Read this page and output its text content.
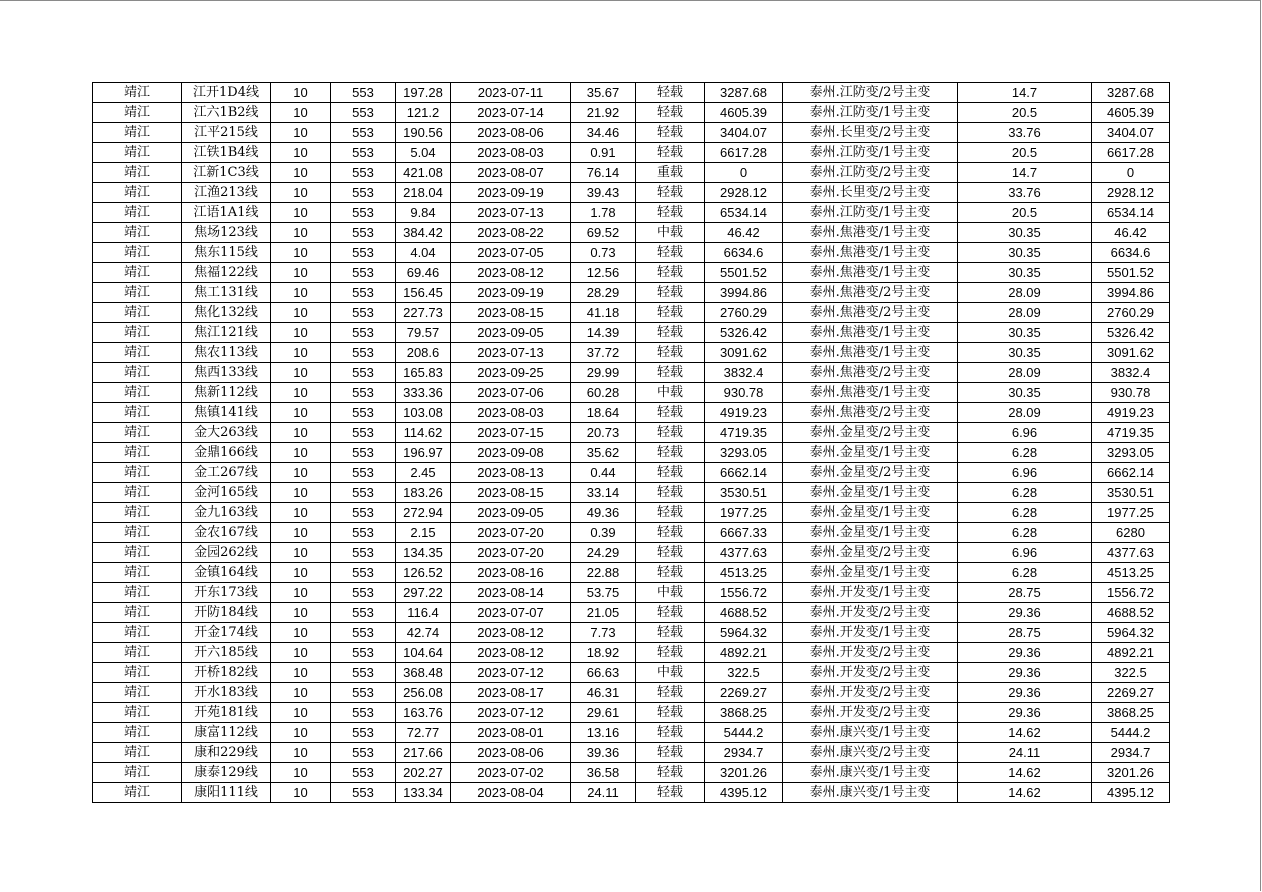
靖江	江开1D4线	10	553	197.28	2023-07-11	35.67	轻载	3287.68	泰州.江防变/2号主变	14.7	3287.68
靖江	江六1B2线	10	553	121.2	2023-07-14	21.92	轻载	4605.39	泰州.江防变/1号主变	20.5	4605.39
靖江	江平215线	10	553	190.56	2023-08-06	34.46	轻载	3404.07	泰州.长里变/2号主变	33.76	3404.07
靖江	江铁1B4线	10	553	5.04	2023-08-03	0.91	轻载	6617.28	泰州.江防变/1号主变	20.5	6617.28
靖江	江新1C3线	10	553	421.08	2023-08-07	76.14	重载	0	泰州.江防变/2号主变	14.7	0
靖江	江渔213线	10	553	218.04	2023-09-19	39.43	轻载	2928.12	泰州.长里变/2号主变	33.76	2928.12
靖江	江语1A1线	10	553	9.84	2023-07-13	1.78	轻载	6534.14	泰州.江防变/1号主变	20.5	6534.14
靖江	焦场123线	10	553	384.42	2023-08-22	69.52	中载	46.42	泰州.焦港变/1号主变	30.35	46.42
靖江	焦东115线	10	553	4.04	2023-07-05	0.73	轻载	6634.6	泰州.焦港变/1号主变	30.35	6634.6
靖江	焦福122线	10	553	69.46	2023-08-12	12.56	轻载	5501.52	泰州.焦港变/1号主变	30.35	5501.52
靖江	焦工131线	10	553	156.45	2023-09-19	28.29	轻载	3994.86	泰州.焦港变/2号主变	28.09	3994.86
靖江	焦化132线	10	553	227.73	2023-08-15	41.18	轻载	2760.29	泰州.焦港变/2号主变	28.09	2760.29
靖江	焦江121线	10	553	79.57	2023-09-05	14.39	轻载	5326.42	泰州.焦港变/1号主变	30.35	5326.42
靖江	焦农113线	10	553	208.6	2023-07-13	37.72	轻载	3091.62	泰州.焦港变/1号主变	30.35	3091.62
靖江	焦西133线	10	553	165.83	2023-09-25	29.99	轻载	3832.4	泰州.焦港变/2号主变	28.09	3832.4
靖江	焦新112线	10	553	333.36	2023-07-06	60.28	中载	930.78	泰州.焦港变/1号主变	30.35	930.78
靖江	焦镇141线	10	553	103.08	2023-08-03	18.64	轻载	4919.23	泰州.焦港变/2号主变	28.09	4919.23
靖江	金大263线	10	553	114.62	2023-07-15	20.73	轻载	4719.35	泰州.金星变/2号主变	6.96	4719.35
靖江	金鼎166线	10	553	196.97	2023-09-08	35.62	轻载	3293.05	泰州.金星变/1号主变	6.28	3293.05
靖江	金工267线	10	553	2.45	2023-08-13	0.44	轻载	6662.14	泰州.金星变/2号主变	6.96	6662.14
靖江	金河165线	10	553	183.26	2023-08-15	33.14	轻载	3530.51	泰州.金星变/1号主变	6.28	3530.51
靖江	金九163线	10	553	272.94	2023-09-05	49.36	轻载	1977.25	泰州.金星变/1号主变	6.28	1977.25
靖江	金农167线	10	553	2.15	2023-07-20	0.39	轻载	6667.33	泰州.金星变/1号主变	6.28	6280
靖江	金园262线	10	553	134.35	2023-07-20	24.29	轻载	4377.63	泰州.金星变/2号主变	6.96	4377.63
靖江	金镇164线	10	553	126.52	2023-08-16	22.88	轻载	4513.25	泰州.金星变/1号主变	6.28	4513.25
靖江	开东173线	10	553	297.22	2023-08-14	53.75	中载	1556.72	泰州.开发变/1号主变	28.75	1556.72
靖江	开防184线	10	553	116.4	2023-07-07	21.05	轻载	4688.52	泰州.开发变/2号主变	29.36	4688.52
靖江	开金174线	10	553	42.74	2023-08-12	7.73	轻载	5964.32	泰州.开发变/1号主变	28.75	5964.32
靖江	开六185线	10	553	104.64	2023-08-12	18.92	轻载	4892.21	泰州.开发变/2号主变	29.36	4892.21
靖江	开桥182线	10	553	368.48	2023-07-12	66.63	中载	322.5	泰州.开发变/2号主变	29.36	322.5
靖江	开水183线	10	553	256.08	2023-08-17	46.31	轻载	2269.27	泰州.开发变/2号主变	29.36	2269.27
靖江	开苑181线	10	553	163.76	2023-07-12	29.61	轻载	3868.25	泰州.开发变/2号主变	29.36	3868.25
靖江	康富112线	10	553	72.77	2023-08-01	13.16	轻载	5444.2	泰州.康兴变/1号主变	14.62	5444.2
靖江	康和229线	10	553	217.66	2023-08-06	39.36	轻载	2934.7	泰州.康兴变/2号主变	24.11	2934.7
靖江	康泰129线	10	553	202.27	2023-07-02	36.58	轻载	3201.26	泰州.康兴变/1号主变	14.62	3201.26
靖江	康阳111线	10	553	133.34	2023-08-04	24.11	轻载	4395.12	泰州.康兴变/1号主变	14.62	4395.12
